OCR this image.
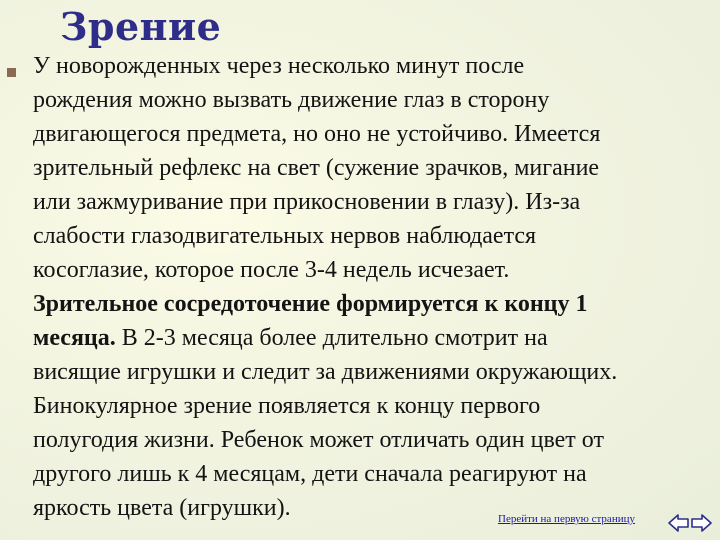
Зрение
У новорожденных через несколько минут после
рождения можно вызвать движение глаз в сторону
двигающегося предмета, но оно не устойчиво. Имеется
зрительный рефлекс на свет (сужение зрачков, мигание
или зажмуривание при прикосновении в глазу). Из-за
слабости глазодвигательных нервов наблюдается
косоглазие, которое после 3-4 недель исчезает.
Зрительное сосредоточение формируется к концу 1
месяца. В 2-3 месяца более длительно смотрит на
висящие игрушки и следит за движениями окружающих.
Бинокулярное зрение появляется к концу первого
полугодия жизни. Ребенок может отличать один цвет от
другого лишь к 4 месяцам, дети сначала реагируют на
яркость цвета (игрушки).	Перейти на первую страницу
